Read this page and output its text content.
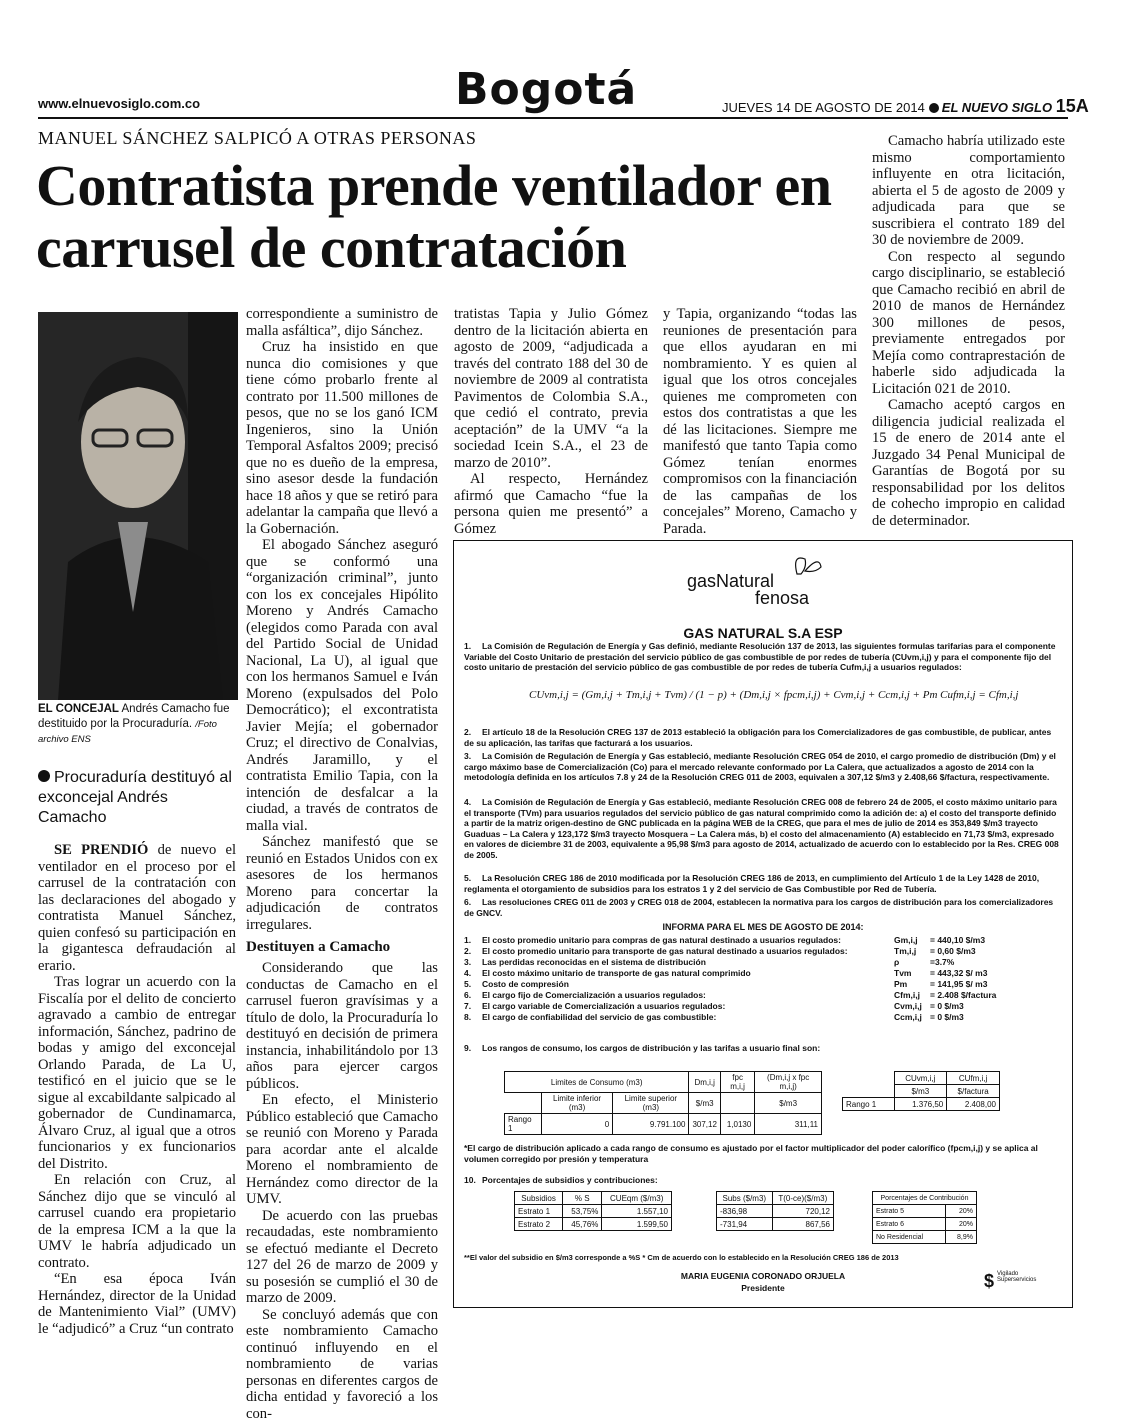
www.elnuevosiglo.com.co	Bogotá	JUEVES 14 DE AGOSTO DE 2014 EL NUEVO SIGLO 15A
MANUEL SÁNCHEZ SALPICÓ A OTRAS PERSONAS
Contratista prende ventilador en carrusel de contratación
EL CONCEJAL Andrés Camacho fue destituido por la Procuraduría. /Foto archivo ENS
Procuraduría destituyó al exconcejal Andrés Camacho

SE PRENDIÓ de nuevo el ventilador en el proceso por el carrusel de la contratación con las declaraciones del abogado y contratista Manuel Sánchez, quien confesó su participación en la gigantesca defraudación al erario.

Tras lograr un acuerdo con la Fiscalía por el delito de concierto agravado a cambio de entregar información, Sánchez, padrino de bodas y amigo del exconcejal Orlando Parada, de La U, testificó en el juicio que se le sigue al excabildante salpicado al gobernador de Cundinamarca, Álvaro Cruz, al igual que a otros funcionarios y ex funcionarios del Distrito.

En relación con Cruz, al Sánchez dijo que se vinculó al carrusel cuando era propietario de la empresa ICM a la que la UMV le habría adjudicado un contrato.

“En esa época Iván Hernández, director de la Unidad de Mantenimiento Vial” (UMV) le “adjudicó” a Cruz “un contrato

correspondiente a suministro de malla asfáltica”, dijo Sánchez.

Cruz ha insistido en que nunca dio comisiones y que tiene cómo probarlo frente al contrato por 11.500 millones de pesos, que no se los ganó ICM Ingenieros, sino la Unión Temporal Asfaltos 2009; precisó que no es dueño de la empresa, sino asesor desde la fundación hace 18 años y que se retiró para adelantar la campaña que llevó a la Gobernación.

El abogado Sánchez aseguró que se conformó una “organización criminal”, junto con los ex concejales Hipólito Moreno y Andrés Camacho (elegidos como Parada con aval del Partido Social de Unidad Nacional, La U), al igual que con los hermanos Samuel e Iván Moreno (expulsados del Polo Democrático); el excontratista Javier Mejía; el gobernador Cruz; el directivo de Conalvias, Andrés Jaramillo, y el contratista Emilio Tapia, con la intención de desfalcar a la ciudad, a través de contratos de malla vial.

Sánchez manifestó que se reunió en Estados Unidos con ex asesores de los hermanos Moreno para concertar la adjudicación de contratos irregulares.

Destituyen a Camacho

Considerando que las conductas de Camacho en el carrusel fueron gravísimas y a título de dolo, la Procuraduría lo destituyó en decisión de primera instancia, inhabilitándolo por 13 años para ejercer cargos públicos.

En efecto, el Ministerio Público estableció que Camacho se reunió con Moreno y Parada para acordar ante el alcalde Moreno el nombramiento de Hernández como director de la UMV.

De acuerdo con las pruebas recaudadas, este nombramiento se efectuó mediante el Decreto 127 del 26 de marzo de 2009 y su posesión se cumplió el 30 de marzo de 2009.

Se concluyó además que con este nombramiento Camacho continuó influyendo en el nombramiento de varias personas en diferentes cargos de dicha entidad y favoreció a los con-

tratistas Tapia y Julio Gómez dentro de la licitación abierta en agosto de 2009, “adjudicada a través del contrato 188 del 30 de noviembre de 2009 al contratista Pavimentos de Colombia S.A., que cedió el contrato, previa aceptación” de la UMV “a la sociedad Icein S.A., el 23 de marzo de 2010”.

Al respecto, Hernández afirmó que Camacho “fue la persona quien me presentó” a Gómez

y Tapia, organizando “todas las reuniones de presentación para que ellos ayudaran en mi nombramiento. Y es quien al igual que los otros concejales quienes me comprometen con estos dos contratistas a que les dé las licitaciones. Siempre me manifestó que tanto Tapia como Gómez tenían enormes compromisos con la financiación de las campañas de los concejales” Moreno, Camacho y Parada.

Camacho habría utilizado este mismo comportamiento influyente en otra licitación, abierta el 5 de agosto de 2009 y adjudicada para que se suscribiera el contrato 189 del 30 de noviembre de 2009.

Con respecto al segundo cargo disciplinario, se estableció que Camacho recibió en abril de 2010 de manos de Hernández 300 millones de pesos, previamente entregados por Mejía como contraprestación de haberle sido adjudicada la Licitación 021 de 2010.

Camacho aceptó cargos en diligencia judicial realizada el 15 de enero de 2014 ante el Juzgado 34 Penal Municipal de Garantías de Bogotá por su responsabilidad por los delitos de cohecho impropio en calidad de determinador.

gasNatural
fenosa
GAS NATURAL S.A ESP
1. La Comisión de Regulación de Energía y Gas definió, mediante Resolución 137 de 2013, las siguientes formulas tarifarias para el componente Variable del Costo Unitario de prestación del servicio público de gas combustible de por redes de tubería (CUvm,i,j) y para el componente fijo del costo unitario de prestación del servicio público de gas combustible de por redes de tubería Cufm,i,j a usuarios regulados:
CUvm,i,j = (Gm,i,j + Tm,i,j + Tvm) / (1 − p) + (Dm,i,j × fpcm,i,j) + Cvm,i,j + Ccm,i,j + Pm Cufm,i,j = Cfm,i,j
2. El artículo 18 de la Resolución CREG 137 de 2013 estableció la obligación para los Comercializadores de gas combustible, de publicar, antes de su aplicación, las tarifas que facturará a los usuarios.
3. La Comisión de Regulación de Energía y Gas estableció, mediante Resolución CREG 054 de 2010, el cargo promedio de distribución (Dm) y el cargo máximo base de Comercialización (Co) para el mercado relevante conformado por La Calera, que actualizados a agosto de 2014 con la metodología definida en los artículos 7.8 y 24 de la Resolución CREG 011 de 2003, equivalen a 307,12 $/m3 y 2.408,66 $/factura, respectivamente.
4. La Comisión de Regulación de Energía y Gas estableció, mediante Resolución CREG 008 de febrero 24 de 2005, el costo máximo unitario para el transporte (TVm) para usuarios regulados del servicio público de gas natural comprimido como la adición de: a) el costo del transporte definido a partir de la matriz origen-destino de GNC publicada en la página WEB de la CREG, que para el mes de julio de 2014 es 353,849 $/m3 trayecto Guaduas – La Calera y 123,172 $/m3 trayecto Mosquera – La Calera más, b) el costo del almacenamiento (A) establecido en 71,73 $/m3, expresado en valores de diciembre 31 de 2003, equivalente a 95,98 $/m3 para agosto de 2014, actualizado de acuerdo con lo establecido por la Res. CREG 008 de 2005.
5. La Resolución CREG 186 de 2010 modificada por la Resolución CREG 186 de 2013, en cumplimiento del Artículo 1 de la Ley 1428 de 2010, reglamenta el otorgamiento de subsidios para los estratos 1 y 2 del servicio de Gas Combustible por Red de Tubería.
6. Las resoluciones CREG 011 de 2003 y CREG 018 de 2004, establecen la normativa para los cargos de distribución para los comercializadores de GNCV.
INFORMA PARA EL MES DE AGOSTO DE 2014:
1. El costo promedio unitario para compras de gas natural destinado a usuarios regulados:	Gm,i,j = 440,10 $/m3
2. El costo promedio unitario para transporte de gas natural destinado a usuarios regulados:	Tm,i,j = 0,60 $/m3
3. Las perdidas reconocidas en el sistema de distribución	ρ	=3.7%
4. El costo máximo unitario de transporte de gas natural comprimido	Tvm = 443,32 $/ m3
5. Costo de compresión	Pm	= 141,95 $/ m3
6. El cargo fijo de Comercialización a usuarios regulados:	Cfm,i,j = 2.408 $/factura
7. El cargo variable de Comercialización a usuarios regulados:	Cvm,i,j = 0 $/m3
8. El cargo de confiabilidad del servicio de gas combustible:	Ccm,i,j = 0 $/m3
9. Los rangos de consumo, los cargos de distribución y las tarifas a usuario final son:
Limites de Consumo (m3)			Dm,i,j	fpc m,i,j	(Dm,i,j x fpc m,i,j)
	Limite inferior (m3)	Limite superior (m3)	$/m3		$/m3
Rango 1	0	9.791.100	307,12	1,0130	311,11
	CUvm,i,j	CUfm,i,j
	$/m3	$/factura
Rango 1	1.376,50	2.408,00
*El cargo de distribución aplicado a cada rango de consumo es ajustado por el factor multiplicador del poder calorífico (fpcm,i,j) y se aplica al volumen corregido por presión y temperatura
10. Porcentajes de subsidios y contribuciones:
Subsidios	% S	CUEqm ($/m3)
Estrato 1	53,75%	1.557,10
Estrato 2	45,76%	1.599,50
Subs ($/m3)	T(0-ce)($/m3)
-836,98	720,12
-731,94	867,56
Porcentajes de Contribución	
Estrato 5	20%
Estrato 6	20%
No Residencial	8,9%
**El valor del subsidio en $/m3 corresponde a %S * Cm de acuerdo con lo establecido en la Resolución CREG 186 de 2013
MARIA EUGENIA CORONADO ORJUELA
Presidente	$ Vigilado Superservicios
